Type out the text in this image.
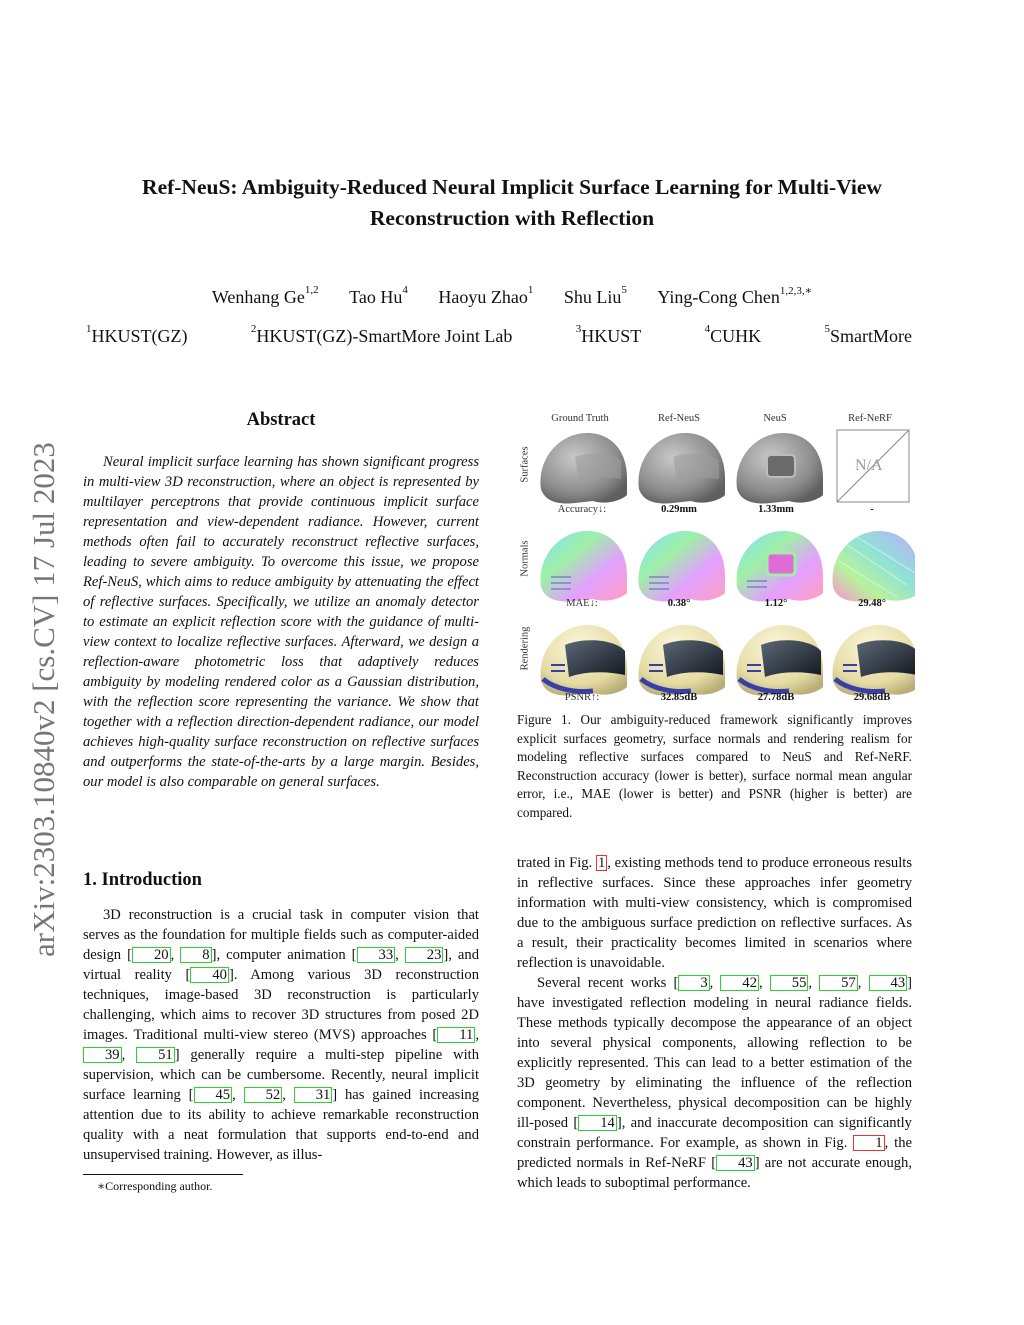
arXiv:2303.10840v2 [cs.CV] 17 Jul 2023
Ref-NeuS: Ambiguity-Reduced Neural Implicit Surface Learning for Multi-View
Reconstruction with Reflection
Wenhang Ge$^{1,2}$ Tao Hu$^4$ Haoyu Zhao$^1$ Shu Liu$^5$ Ying-Cong Chen$^{1,2,3,∗}$
$^1$HKUST(GZ)	$^2$HKUST(GZ)-SmartMore Joint Lab	$^3$HKUST	$^4$CUHK	$^5$SmartMore
Abstract

Neural implicit surface learning has shown significant progress in multi-view 3D reconstruction, where an object is represented by multilayer perceptrons that provide continuous implicit surface representation and view-dependent radiance. However, current methods often fail to accurately reconstruct reflective surfaces, leading to severe ambiguity. To overcome this issue, we propose Ref-NeuS, which aims to reduce ambiguity by attenuating the effect of reflective surfaces. Specifically, we utilize an anomaly detector to estimate an explicit reflection score with the guidance of multi-view context to localize reflective surfaces. Afterward, we design a reflection-aware photometric loss that adaptively reduces ambiguity by modeling rendered color as a Gaussian distribution, with the reflection score representing the variance. We show that together with a reflection direction-dependent radiance, our model achieves high-quality surface reconstruction on reflective surfaces and outperforms the state-of-the-arts by a large margin. Besides, our model is also comparable on general surfaces.

1. Introduction

3D reconstruction is a crucial task in computer vision that serves as the foundation for multiple fields such as computer-aided design [ 20 , 8 ], computer animation [ 33 , 23 ], and virtual reality [ 40 ]. Among various 3D reconstruction techniques, image-based 3D reconstruction is particularly challenging, which aims to recover 3D structures from posed 2D images. Traditional multi-view stereo (MVS) approaches [ 11 , 39 , 51 ] generally require a multi-step pipeline with supervision, which can be cumbersome. Recently, neural implicit surface learning [ 45 , 52 , 31 ] has gained increasing attention due to its ability to achieve remarkable reconstruction quality with a neat formulation that supports end-to-end and unsupervised training. However, as illus-

∗Corresponding author.
Ground Truth	Ref-NeuS	NeuS	Ref-NeRF
Surfaces
Normals
Rendering
N/A
Accuracy↓:	0.29mm	1.33mm	-
MAE↓:	0.38°	1.12°	29.48°
PSNR↑:	32.85dB	27.78dB	29.68dB

Figure 1. Our ambiguity-reduced framework significantly improves explicit surfaces geometry, surface normals and rendering realism for modeling reflective surfaces compared to NeuS and Ref-NeRF. Reconstruction accuracy (lower is better), surface normal mean angular error, i.e., MAE (lower is better) and PSNR (higher is better) are compared.

trated in Fig. 1 , existing methods tend to produce erroneous results in reflective surfaces. Since these approaches infer geometry information with multi-view consistency, which is compromised due to the ambiguous surface prediction on reflective surfaces. As a result, their practicality becomes limited in scenarios where reflection is unavoidable.

Several recent works [ 3 , 42 , 55 , 57 , 43 ] have investigated reflection modeling in neural radiance fields. These methods typically decompose the appearance of an object into several physical components, allowing reflection to be explicitly represented. This can lead to a better estimation of the 3D geometry by eliminating the influence of the reflection component. Nevertheless, physical decomposition can be highly ill-posed [ 14 ], and inaccurate decomposition can significantly constrain performance. For example, as shown in Fig. 1 , the predicted normals in Ref-NeRF [ 43 ] are not accurate enough, which leads to suboptimal performance.
